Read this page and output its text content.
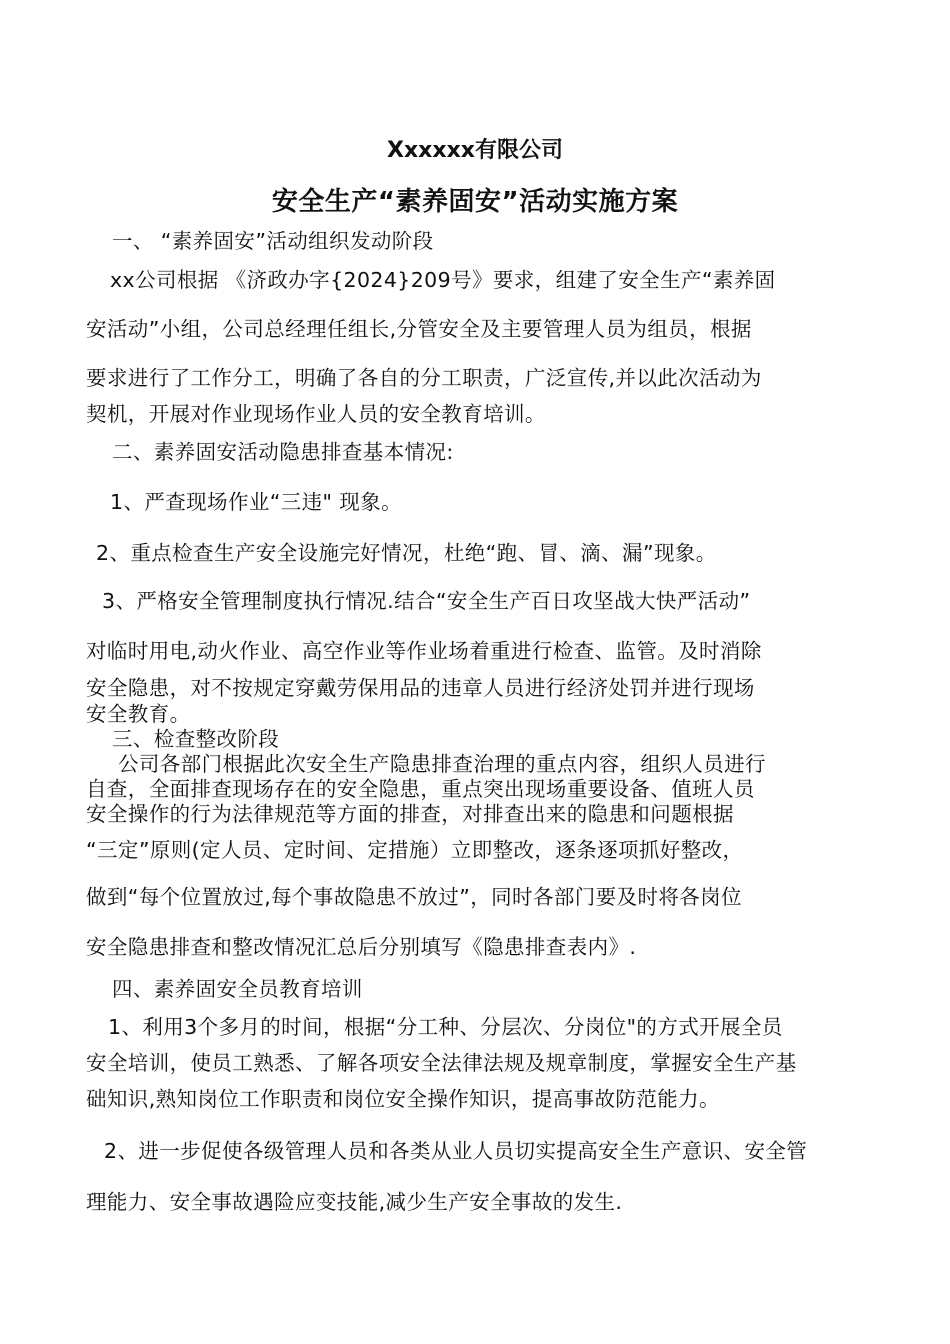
Xxxxxx有限公司
安全生产“素养固安”活动实施方案
一、 “素养固安”活动组织发动阶段
xx公司根据 《济政办字{2024}209号》要求，组建了安全生产“素养固
安活动”小组，公司总经理任组长,分管安全及主要管理人员为组员，根据
要求进行了工作分工，明确了各自的分工职责，广泛宣传,并以此次活动为
契机，开展对作业现场作业人员的安全教育培训。
二、素养固安活动隐患排查基本情况:
1、严查现场作业“三违" 现象。
2、重点检查生产安全设施完好情况，杜绝“跑、冒、滴、漏”现象。
3、严格安全管理制度执行情况.结合“安全生产百日攻坚战大快严活动”
对临时用电,动火作业、高空作业等作业场着重进行检查、监管。及时消除
安全隐患，对不按规定穿戴劳保用品的违章人员进行经济处罚并进行现场
安全教育。
三、检查整改阶段
公司各部门根据此次安全生产隐患排查治理的重点内容，组织人员进行
自查，全面排查现场存在的安全隐患，重点突出现场重要设备、值班人员
安全操作的行为法律规范等方面的排查，对排查出来的隐患和问题根据
“三定”原则(定人员、定时间、定措施）立即整改，逐条逐项抓好整改，
做到“每个位置放过,每个事故隐患不放过”，同时各部门要及时将各岗位
安全隐患排查和整改情况汇总后分别填写《隐患排查表内》.
四、素养固安全员教育培训
1、利用3个多月的时间，根据“分工种、分层次、分岗位"的方式开展全员
安全培训，使员工熟悉、了解各项安全法律法规及规章制度，掌握安全生产基
础知识,熟知岗位工作职责和岗位安全操作知识，提高事故防范能力。
2、进一步促使各级管理人员和各类从业人员切实提高安全生产意识、安全管
理能力、安全事故遇险应变技能,减少生产安全事故的发生.
